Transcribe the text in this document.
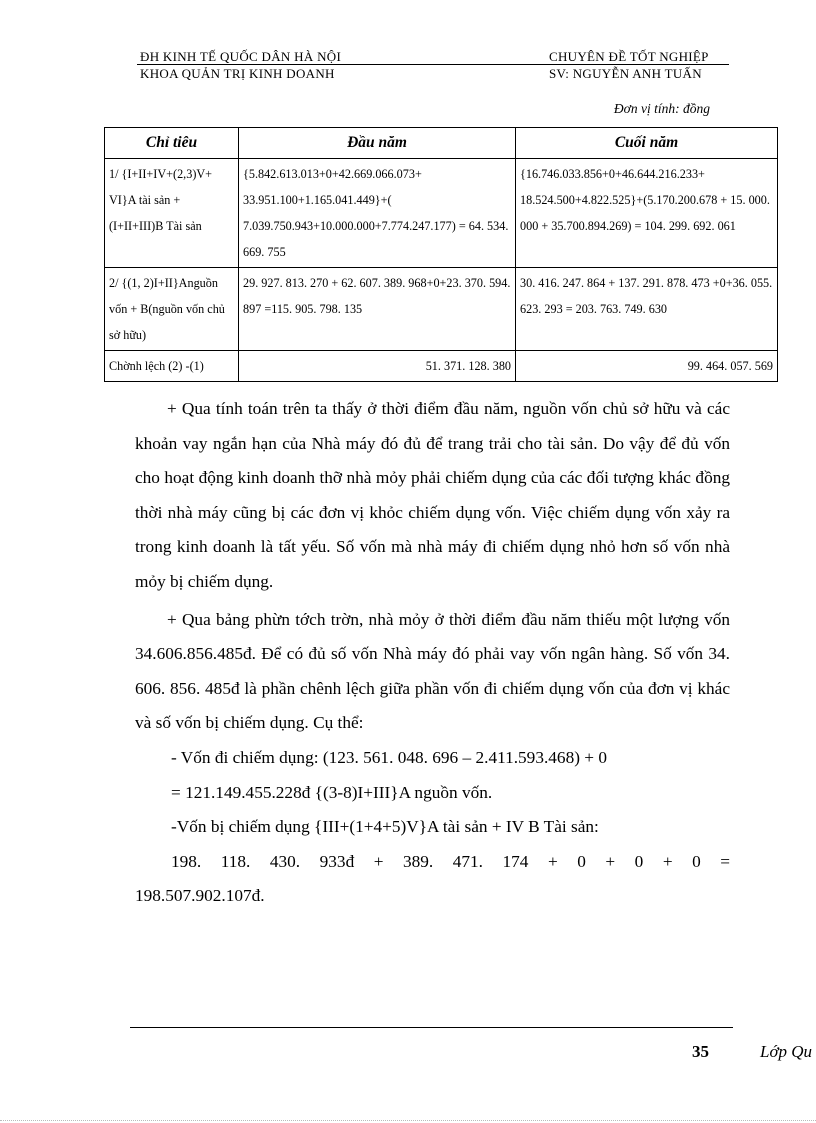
ĐH KINH TẾ QUỐC DÂN HÀ NỘI	CHUYÊN ĐỀ TỐT NGHIỆP
KHOA QUẢN TRỊ KINH DOANH	SV: NGUYỄN ANH TUẤN
Đơn vị tính: đồng
Chỉ tiêu	Đầu năm	Cuối năm
1/ {I+II+IV+(2,3)V+ VI}A tài sản + (I+II+III)B Tài sản	{5.842.613.013+0+42.669.066.073+ 33.951.100+1.165.041.449}+( 7.039.750.943+10.000.000+7.774.247.177) = 64. 534. 669. 755	{16.746.033.856+0+46.644.216.233+ 18.524.500+4.822.525}+(5.170.200.678 + 15. 000. 000 + 35.700.894.269) = 104. 299. 692. 061
2/ {(1, 2)I+II}Anguồn vốn + B(nguồn vốn chủ sở hữu)	29. 927. 813. 270 + 62. 607. 389. 968+0+23. 370. 594. 897 =115. 905. 798. 135	30. 416. 247. 864 + 137. 291. 878. 473 +0+36. 055. 623. 293 = 203. 763. 749. 630
Chờnh lệch (2) -(1)	51. 371. 128. 380	99. 464. 057. 569

+ Qua tính toán trên ta thấy ở thời điểm đầu năm, nguồn vốn chủ sở hữu và các khoản vay ngắn hạn của Nhà máy đó đủ để trang trải cho tài sản. Do vậy để đủ vốn cho hoạt động kinh doanh thỡ nhà mỏy phải chiếm dụng của các đối tượng khác đồng thời nhà máy cũng bị các đơn vị khỏc chiếm dụng vốn. Việc chiếm dụng vốn xảy ra trong kinh doanh là tất yếu. Số vốn mà nhà máy đi chiếm dụng nhỏ hơn số vốn nhà mỏy bị chiếm dụng.

+ Qua bảng phừn tớch trờn, nhà mỏy ở thời điểm đầu năm thiếu một lượng vốn 34.606.856.485đ. Để có đủ số vốn Nhà máy đó phải vay vốn ngân hàng. Số vốn 34. 606. 856. 485đ là phần chênh lệch giữa phần vốn đi chiếm dụng vốn của đơn vị khác và số vốn bị chiếm dụng. Cụ thể:

- Vốn đi chiếm dụng: (123. 561. 048. 696 – 2.411.593.468) + 0

= 121.149.455.228đ {(3-8)I+III}A nguồn vốn.

-Vốn bị chiếm dụng {III+(1+4+5)V}A tài sản + IV B Tài sản:

198.   118.   430.   933đ   +   389.   471.   174   +   0   +   0   +   0   =

198.507.902.107đ.

35	Lớp Qu
